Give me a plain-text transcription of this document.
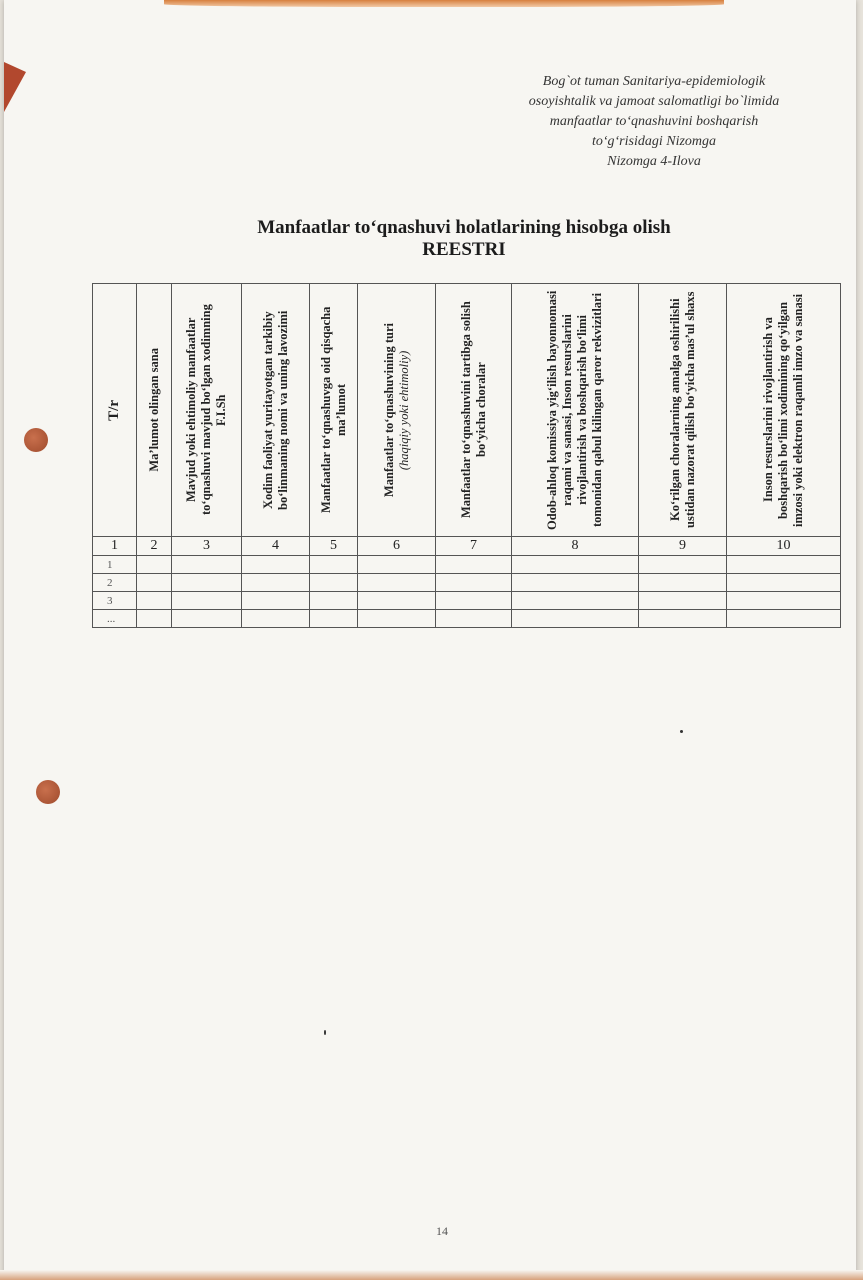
Bog`ot tuman Sanitariya-epidemiologik
osoyishtalik va jamoat salomatligi bo`limida
manfaatlar to‘qnashuvini boshqarish
to‘g‘risidagi Nizomga
Nizomga 4-Ilova
Manfaatlar to‘qnashuvi holatlarining hisobga olish
REESTRI
T/r	Ma’lumot olingan sana	Mavjud yoki ehtimoliy manfaatlar to‘qnashuvi mavjud bo‘lgan xodimning F.I.Sh	Xodim faoliyat yuritayotgan tarkibiy bo‘linmaning nomi va uning lavozimi	Manfaatlar to‘qnashuvga oid qisqacha ma’lumot	Manfaatlar to‘qnashuvining turi (haqiqiy yoki ehtimoliy)	Manfaatlar to‘qnashuvini tartibga solish bo‘yicha choralar	Odob-ahloq komissiya yig‘ilish bayonnomasi raqami va sanasi, Inson resurslarini rivojlantirish va boshqarish bo‘limi tomonidan qabul kilingan qaror rekvizitlari	Ko‘rilgan choralarning amalga oshirilishi ustidan nazorat qilish bo‘yicha mas’ul shaxs	Inson resurslarini rivojlantirish va boshqarish bo‘limi xodimining qo‘yilgan imzosi yoki elektron raqamli imzo va sanasi

1	2	3	4	5	6	7	8	9	10
1									
2									
3									
...									
14
